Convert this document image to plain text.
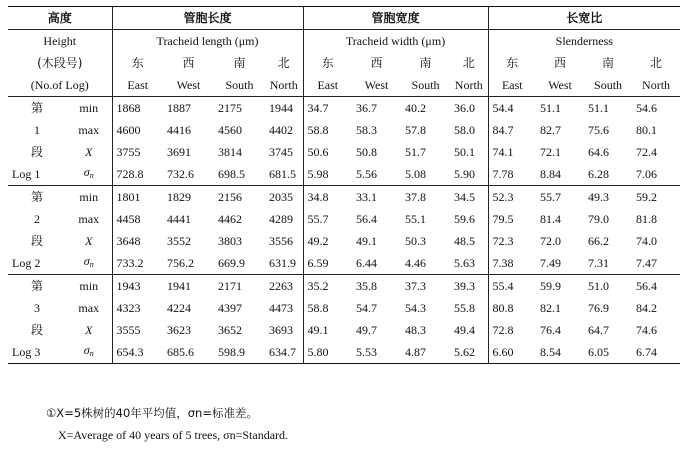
高度		管胞长度				管胞宽度				长宽比			
Height		Tracheid length (μm)				Tracheid width (μm)				Slenderness			
(木段号)		东	西	南	北	东	西	南	北	东	西	南	北
(No.of Log)		East	West	South	North	East	West	South	North	East	West	South	North
第	min	1868	1887	2175	1944	34.7	36.7	40.2	36.0	54.4	51.1	51.1	54.6
1	max	4600	4416	4560	4402	58.8	58.3	57.8	58.0	84.7	82.7	75.6	80.1
段	X	3755	3691	3814	3745	50.6	50.8	51.7	50.1	74.1	72.1	64.6	72.4
Log 1	$\sigma_n$	728.8	732.6	698.5	681.5	5.98	5.56	5.08	5.90	7.78	8.84	6.28	7.06
第	min	1801	1829	2156	2035	34.8	33.1	37.8	34.5	52.3	55.7	49.3	59.2
2	max	4458	4441	4462	4289	55.7	56.4	55.1	59.6	79.5	81.4	79.0	81.8
段	X	3648	3552	3803	3556	49.2	49.1	50.3	48.5	72.3	72.0	66.2	74.0
Log 2	$\sigma_n$	733.2	756.2	669.9	631.9	6.59	6.44	4.46	5.63	7.38	7.49	7.31	7.47
第	min	1943	1941	2171	2263	35.2	35.8	37.3	39.3	55.4	59.9	51.0	56.4
3	max	4323	4224	4397	4473	58.8	54.7	54.3	55.8	80.8	82.1	76.9	84.2
段	X	3555	3623	3652	3693	49.1	49.7	48.3	49.4	72.8	76.4	64.7	74.6
Log 3	$\sigma_n$	654.3	685.6	598.9	634.7	5.80	5.53	4.87	5.62	6.60	8.54	6.05	6.74
①X=5株树的40年平均值，σn=标准差。
X=Average of 40 years of 5 trees, σn=Standard.
